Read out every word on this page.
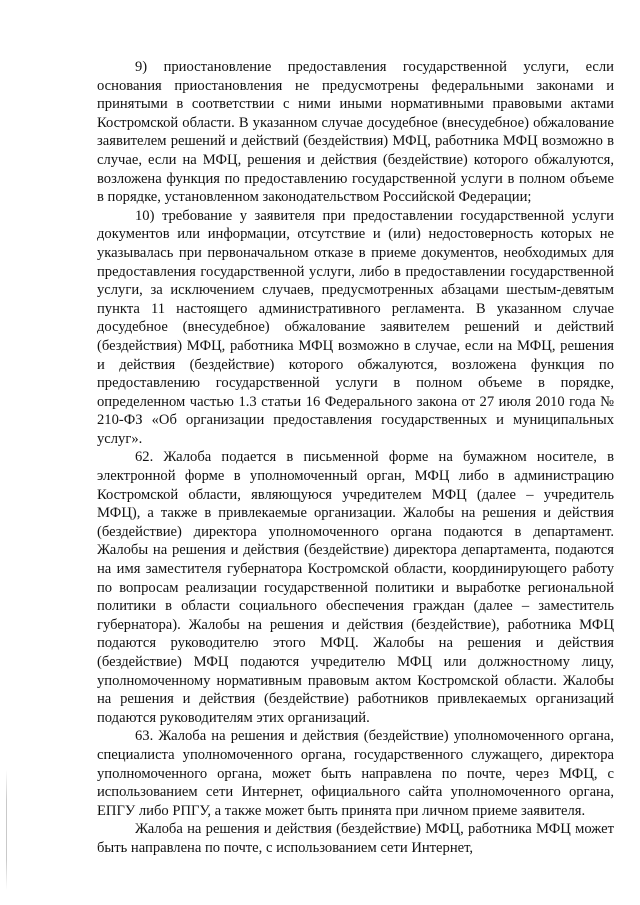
9) приостановление предоставления государственной услуги, если основания приостановления не предусмотрены федеральными законами и принятыми в соответствии с ними иными нормативными правовыми актами Костромской области. В указанном случае досудебное (внесудебное) обжалование заявителем решений и действий (бездействия) МФЦ, работника МФЦ возможно в случае, если на МФЦ, решения и действия (бездействие) которого обжалуются, возложена функция по предоставлению государственной услуги в полном объеме в порядке, установленном законодательством Российской Федерации;

10) требование у заявителя при предоставлении государственной услуги документов или информации, отсутствие и (или) недостоверность которых не указывалась при первоначальном отказе в приеме документов, необходимых для предоставления государственной услуги, либо в предоставлении государственной услуги, за исключением случаев, предусмотренных абзацами шестым-девятым пункта 11 настоящего административного регламента. В указанном случае досудебное (внесудебное) обжалование заявителем решений и действий (бездействия) МФЦ, работника МФЦ возможно в случае, если на МФЦ, решения и действия (бездействие) которого обжалуются, возложена функция по предоставлению государственной услуги в полном объеме в порядке, определенном частью 1.3 статьи 16 Федерального закона от 27 июля 2010 года № 210-ФЗ «Об организации предоставления государственных и муниципальных услуг».

62. Жалоба подается в письменной форме на бумажном носителе, в электронной форме в уполномоченный орган, МФЦ либо в администрацию Костромской области, являющуюся учредителем МФЦ (далее – учредитель МФЦ), а также в привлекаемые организации. Жалобы на решения и действия (бездействие) директора уполномоченного органа подаются в департамент. Жалобы на решения и действия (бездействие) директора департамента, подаются на имя заместителя губернатора Костромской области, координирующего работу по вопросам реализации государственной политики и выработке региональной политики в области социального обеспечения граждан (далее – заместитель губернатора). Жалобы на решения и действия (бездействие), работника МФЦ подаются руководителю этого МФЦ. Жалобы на решения и действия (бездействие) МФЦ подаются учредителю МФЦ или должностному лицу, уполномоченному нормативным правовым актом Костромской области. Жалобы на решения и действия (бездействие) работников привлекаемых организаций подаются руководителям этих организаций.

63. Жалоба на решения и действия (бездействие) уполномоченного органа, специалиста уполномоченного органа, государственного служащего, директора уполномоченного органа, может быть направлена по почте, через МФЦ, с использованием сети Интернет, официального сайта уполномоченного органа, ЕПГУ либо РПГУ, а также может быть принята при личном приеме заявителя.

Жалоба на решения и действия (бездействие) МФЦ, работника МФЦ может быть направлена по почте, с использованием сети Интернет,
